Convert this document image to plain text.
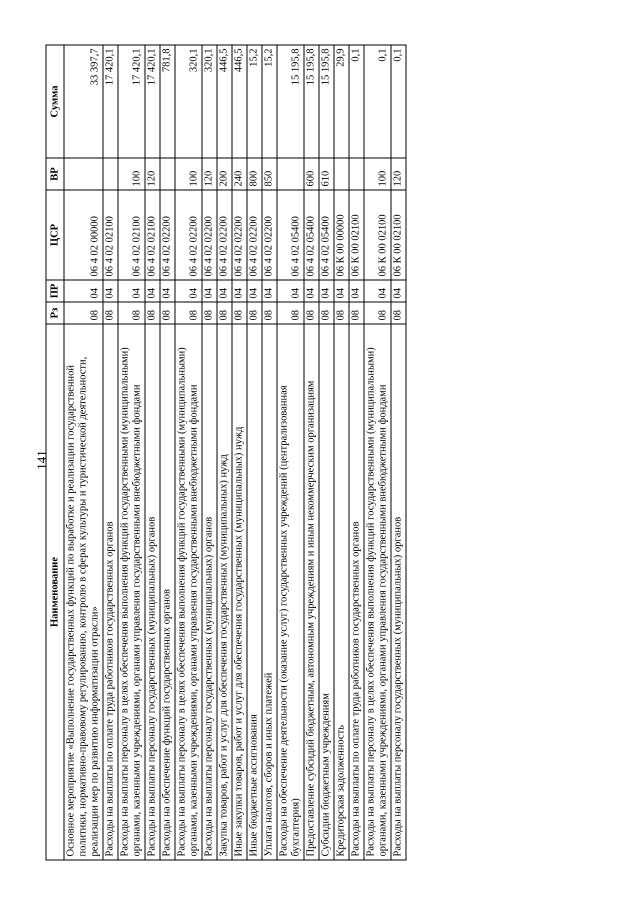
141
Наименование	Рз	ПР	ЦСР	ВР	Сумма
Основное мероприятие «Выполнение государственных функций по выработке и реализации государственной политики, нормативно-правовому регулированию, контролю в сферах культуры и туристической деятельности, реализации мер по развитию информатизации отрасли»	08	04	06 4 02 00000		33 397,7
Расходы на выплаты по оплате труда работников государственных органов	08	04	06 4 02 02100		17 420,1
Расходы на выплаты персоналу в целях обеспечения выполнения функций государственными (муниципальными) органами, казенными учреждениями, органами управления государственными внебюджетными фондами	08	04	06 4 02 02100	100	17 420,1
Расходы на выплаты персоналу государственных (муниципальных) органов	08	04	06 4 02 02100	120	17 420,1
Расходы на обеспечение функций государственных органов	08	04	06 4 02 02200		781,8
Расходы на выплаты персоналу в целях обеспечения выполнения функций государственными (муниципальными) органами, казенными учреждениями, органами управления государственными внебюджетными фондами	08	04	06 4 02 02200	100	320,1
Расходы на выплаты персоналу государственных (муниципальных) органов	08	04	06 4 02 02200	120	320,1
Закупка товаров, работ и услуг для обеспечения государственных (муниципальных) нужд	08	04	06 4 02 02200	200	446,5
Иные закупки товаров, работ и услуг для обеспечения государственных (муниципальных) нужд	08	04	06 4 02 02200	240	446,5
Иные бюджетные ассигнования	08	04	06 4 02 02200	800	15,2
Уплата налогов, сборов и иных платежей	08	04	06 4 02 02200	850	15,2
Расходы на обеспечение деятельности (оказание услуг) государственных учреждений (централизованная бухгалтерия)	08	04	06 4 02 05400		15 195,8
Предоставление субсидий бюджетным, автономным учреждениям и иным некоммерческим организациям	08	04	06 4 02 05400	600	15 195,8
Субсидии бюджетным учреждениям	08	04	06 4 02 05400	610	15 195,8
Кредиторская задолженность	08	04	06 К 00 00000		29,9
Расходы на выплаты по оплате труда работников государственных органов	08	04	06 К 00 02100		0,1
Расходы на выплаты персоналу в целях обеспечения выполнения функций государственными (муниципальными) органами, казенными учреждениями, органами управления государственными внебюджетными фондами	08	04	06 К 00 02100	100	0,1
Расходы на выплаты персоналу государственных (муниципальных) органов	08	04	06 К 00 02100	120	0,1
